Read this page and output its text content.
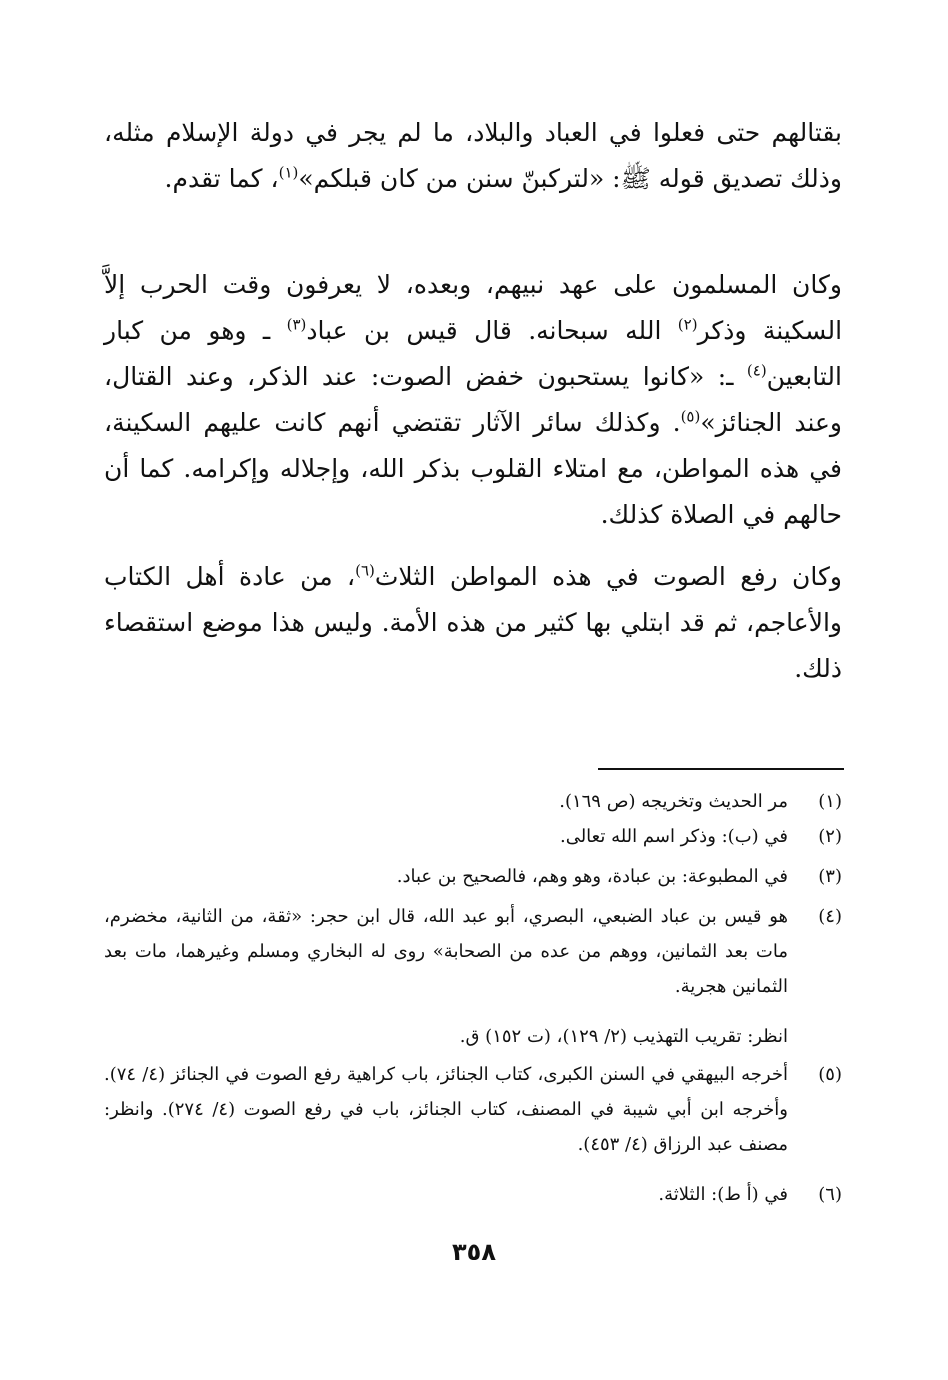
بقتالهم حتى فعلوا في العباد والبلاد، ما لم يجر في دولة الإسلام مثله، وذلك تصديق قوله ﷺ: «لتركبنّ سنن من كان قبلكم»$^{(١)}$، كما تقدم.

وكان المسلمون على عهد نبيهم، وبعده، لا يعرفون وقت الحرب إلاَّ السكينة وذكر$^{(٢)}$ الله سبحانه. قال قيس بن عباد$^{(٣)}$ ـ وهو من كبار التابعين$^{(٤)}$ ـ: «كانوا يستحبون خفض الصوت: عند الذكر، وعند القتال، وعند الجنائز»$^{(٥)}$. وكذلك سائر الآثار تقتضي أنهم كانت عليهم السكينة، في هذه المواطن، مع امتلاء القلوب بذكر الله، وإجلاله وإكرامه. كما أن حالهم في الصلاة كذلك.

وكان رفع الصوت في هذه المواطن الثلاث$^{(٦)}$، من عادة أهل الكتاب والأعاجم، ثم قد ابتلي بها كثير من هذه الأمة. وليس هذا موضع استقصاء ذلك.

(١)
مر الحديث وتخريجه (ص ١٦٩).
(٢)
في (ب): وذكر اسم الله تعالى.
(٣)
في المطبوعة: بن عبادة، وهو وهم، فالصحيح بن عباد.
(٤)
هو قيس بن عباد الضبعي، البصري، أبو عبد الله، قال ابن حجر: «ثقة، من الثانية، مخضرم، مات بعد الثمانين، ووهم من عده من الصحابة» روى له البخاري ومسلم وغيرهما، مات بعد الثمانين هجرية.
انظر: تقريب التهذيب (٢/ ١٢٩)، (ت ١٥٢) ق.
(٥)
أخرجه البيهقي في السنن الكبرى، كتاب الجنائز، باب كراهية رفع الصوت في الجنائز (٤/ ٧٤). وأخرجه ابن أبي شيبة في المصنف، كتاب الجنائز، باب في رفع الصوت (٤/ ٢٧٤). وانظر: مصنف عبد الرزاق (٤/ ٤٥٣).
(٦)
في (أ ط): الثلاثة.
٣٥٨
